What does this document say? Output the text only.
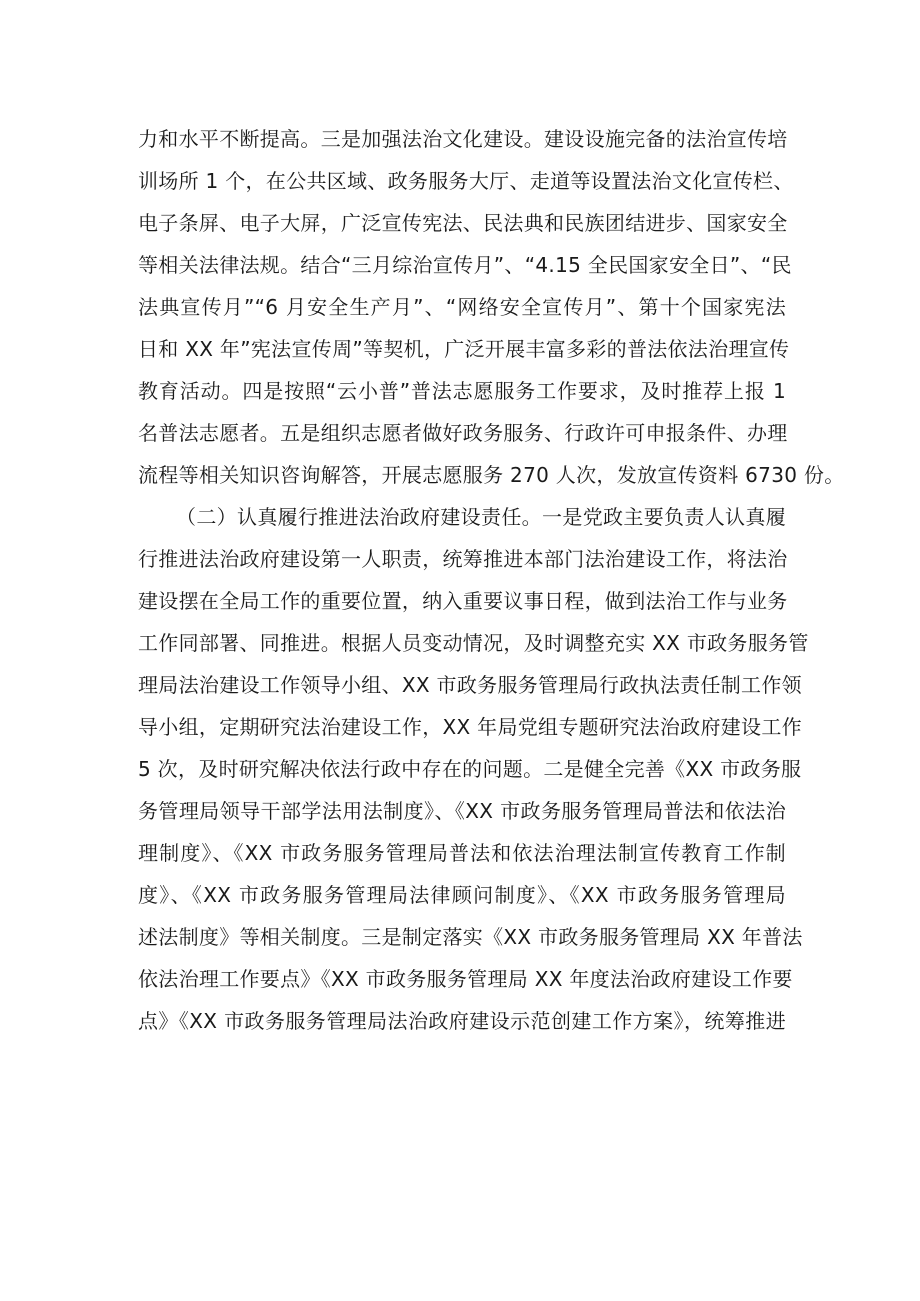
力和水平不断提高。三是加强法治文化建设。建设设施完备的法治宣传培
训场所 1 个，在公共区域、政务服务大厅、走道等设置法治文化宣传栏、
电子条屏、电子大屏，广泛宣传宪法、民法典和民族团结进步、国家安全
等相关法律法规。结合“三月综治宣传月”、“4.15 全民国家安全日”、“民
法典宣传月”“6 月安全生产月”、“网络安全宣传月”、第十个国家宪法
日和 XX 年”宪法宣传周”等契机，广泛开展丰富多彩的普法依法治理宣传
教育活动。四是按照“云小普”普法志愿服务工作要求，及时推荐上报 1
名普法志愿者。五是组织志愿者做好政务服务、行政许可申报条件、办理
流程等相关知识咨询解答，开展志愿服务 270 人次，发放宣传资料 6730 份。
（二）认真履行推进法治政府建设责任。一是党政主要负责人认真履
行推进法治政府建设第一人职责，统筹推进本部门法治建设工作，将法治
建设摆在全局工作的重要位置，纳入重要议事日程，做到法治工作与业务
工作同部署、同推进。根据人员变动情况，及时调整充实 XX 市政务服务管
理局法治建设工作领导小组、XX 市政务服务管理局行政执法责任制工作领
导小组，定期研究法治建设工作，XX 年局党组专题研究法治政府建设工作
5 次，及时研究解决依法行政中存在的问题。二是健全完善《XX 市政务服
务管理局领导干部学法用法制度》、《XX 市政务服务管理局普法和依法治
理制度》、《XX 市政务服务管理局普法和依法治理法制宣传教育工作制
度》、《XX 市政务服务管理局法律顾问制度》、《XX 市政务服务管理局
述法制度》等相关制度。三是制定落实《XX 市政务服务管理局 XX 年普法
依法治理工作要点》《XX 市政务服务管理局 XX 年度法治政府建设工作要
点》《XX 市政务服务管理局法治政府建设示范创建工作方案》，统筹推进
